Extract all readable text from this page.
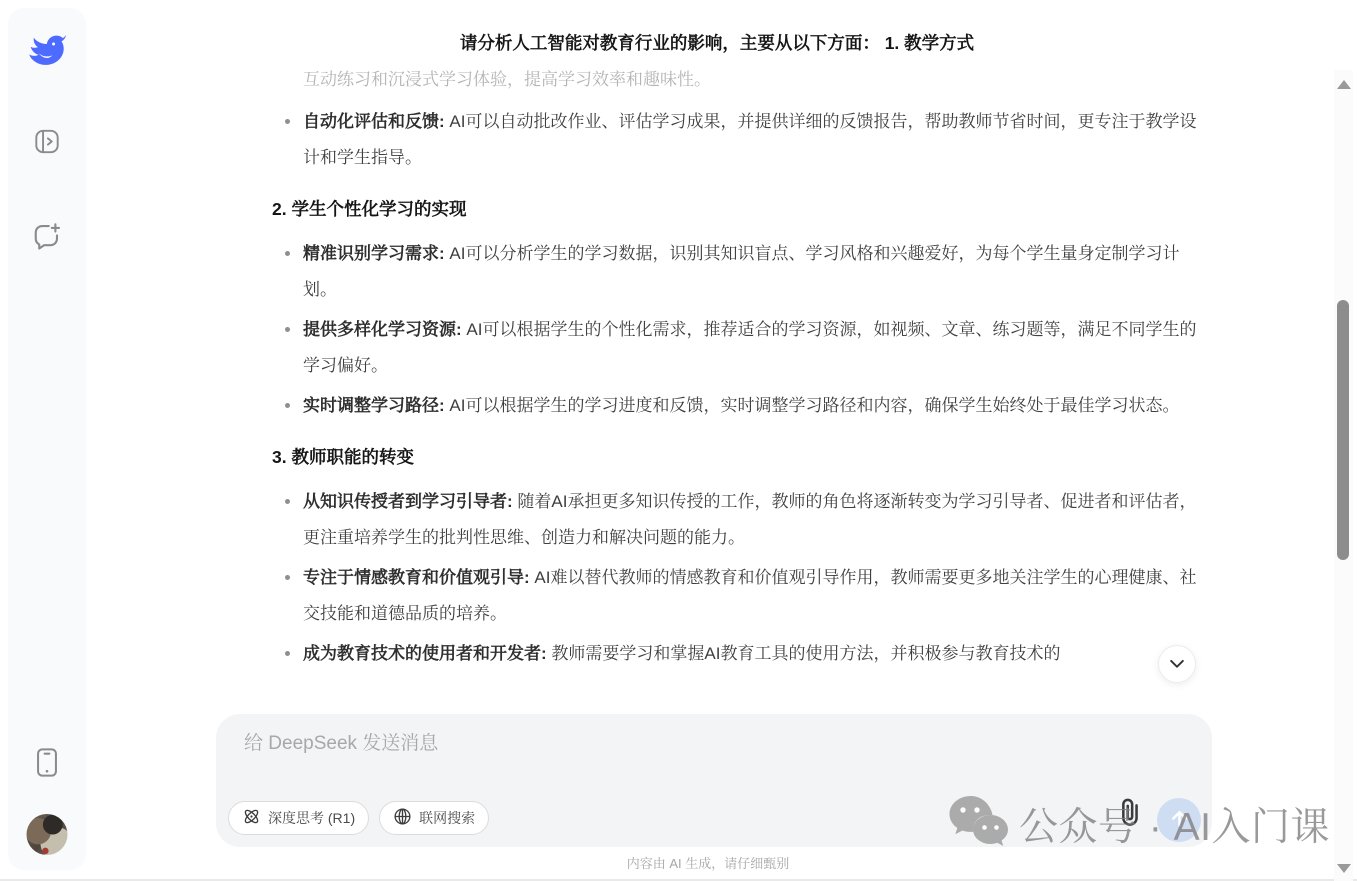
请分析人工智能对教育行业的影响，主要从以下方面： 1. 教学方式

互动练习和沉浸式学习体验，提高学习效率和趣味性。

自动化评估和反馈: AI可以自动批改作业、评估学习成果，并提供详细的反馈报告，帮助教师节省时间，更专注于教学设计和学生指导。
2. 学生个性化学习的实现
精准识别学习需求: AI可以分析学生的学习数据，识别其知识盲点、学习风格和兴趣爱好，为每个学生量身定制学习计划。
提供多样化学习资源: AI可以根据学生的个性化需求，推荐适合的学习资源，如视频、文章、练习题等，满足不同学生的学习偏好。
实时调整学习路径: AI可以根据学生的学习进度和反馈，实时调整学习路径和内容，确保学生始终处于最佳学习状态。
3. 教师职能的转变
从知识传授者到学习引导者: 随着AI承担更多知识传授的工作，教师的角色将逐渐转变为学习引导者、促进者和评估者，更注重培养学生的批判性思维、创造力和解决问题的能力。
专注于情感教育和价值观引导: AI难以替代教师的情感教育和价值观引导作用，教师需要更多地关注学生的心理健康、社交技能和道德品质的培养。
成为教育技术的使用者和开发者: 教师需要学习和掌握AI教育工具的使用方法，并积极参与教育技术的
给 DeepSeek 发送消息
深度思考 (R1)	联网搜索
内容由 AI 生成，请仔细甄别
公众号 · AI入门课
